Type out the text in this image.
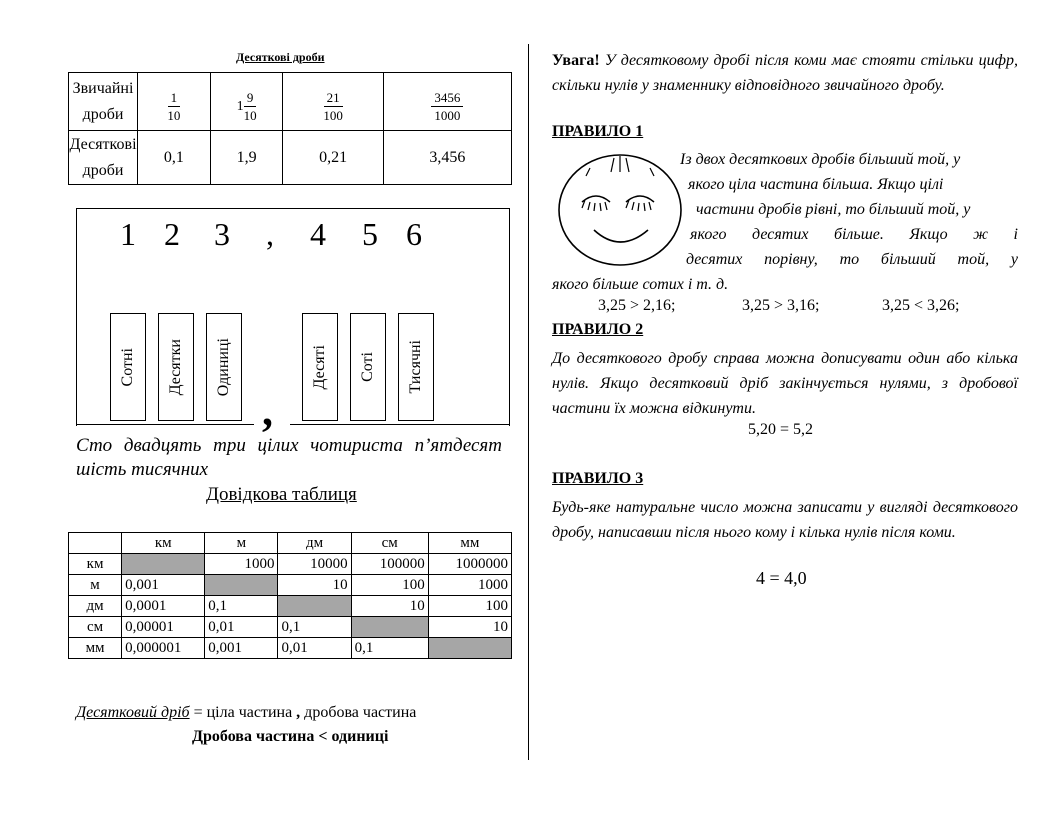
Десяткові дроби
Звичайні
дроби	$\frac{1}{10}$	$1 \frac{9}{10}$	$\frac{21}{100}$	$\frac{3456}{1000}$

Десяткові
дроби	0,1	1,9	0,21	3,456
1 2 3 , 4 5 6
Сотні Десятки Одиниці	Десяті Соті Тисячні
,
Сто двадцять три цілих чотириста п’ятдесят шість тисячних
Довідкова таблиця
	км	м	дм	см	мм
км		1000	10000	100000	1000000
м	0,001		10	100	1000
дм	0,0001	0,1		10	100
см	0,00001	0,01	0,1		10
мм	0,000001	0,001	0,01	0,1	
Десятковий дріб = ціла частина , дробова частина
Дробова частина < одиниці
Увага! У десятковому дробі після коми має стояти стільки цифр, скільки нулів у знаменнику відповідного звичайного дробу.
ПРАВИЛО 1
Із двох десяткових дробів більший той, у
якого ціла частина більша. Якщо цілі
частини дробів рівні, то більший той, у
якого десятих більше. Якщо ж і
десятих порівну, то більший той, у
якого більше сотих і т. д.
3,25 > 2,16;	3,25 > 3,16;	3,25 < 3,26;
ПРАВИЛО 2
До десяткового дробу справа можна дописувати один або кілька нулів. Якщо десятковий дріб закінчується нулями, з дробової частини їх можна відкинути.
5,20 = 5,2
ПРАВИЛО 3
Будь-яке натуральне число можна записати у вигляді десяткового дробу, написавши після нього кому і кілька нулів після коми.
4 = 4,0
